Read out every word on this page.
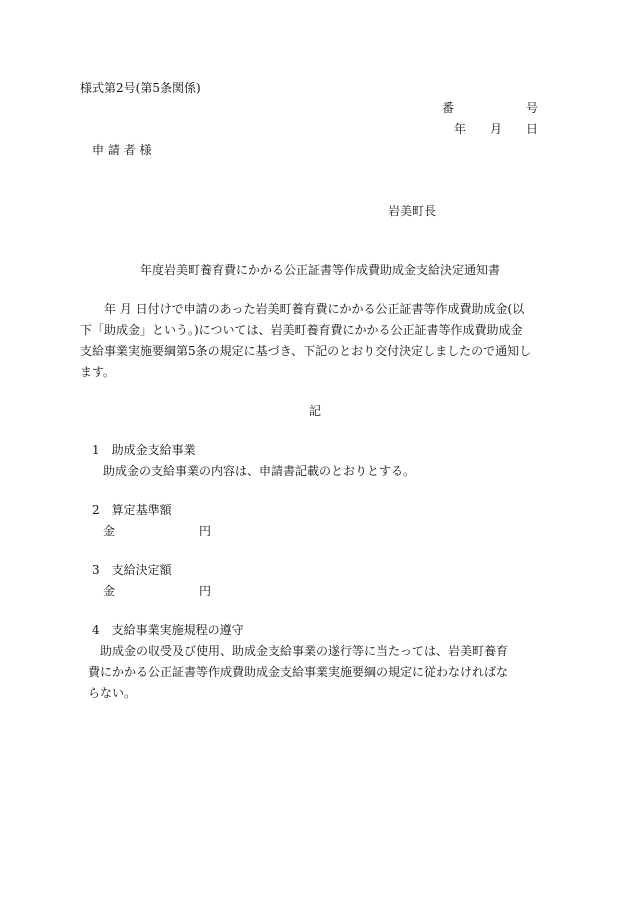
様式第2号(第5条関係)
番　　　　　　号
年　　月　　日
申 請 者 様
岩美町長
年度岩美町養育費にかかる公正証書等作成費助成金支給決定通知書
年 月 日付けで申請のあった岩美町養育費にかかる公正証書等作成費助成金(以
下「助成金」という。)については、岩美町養育費にかかる公正証書等作成費助成金
支給事業実施要綱第5条の規定に基づき、下記のとおり交付決定しましたので通知し
ます。
記
1　助成金支給事業
助成金の支給事業の内容は、申請書記載のとおりとする。
2　算定基準額
金　　　　　　　円
3　支給決定額
金　　　　　　　円
4　支給事業実施規程の遵守
助成金の収受及び使用、助成金支給事業の遂行等に当たっては、岩美町養育
費にかかる公正証書等作成費助成金支給事業実施要綱の規定に従わなければな
らない。
